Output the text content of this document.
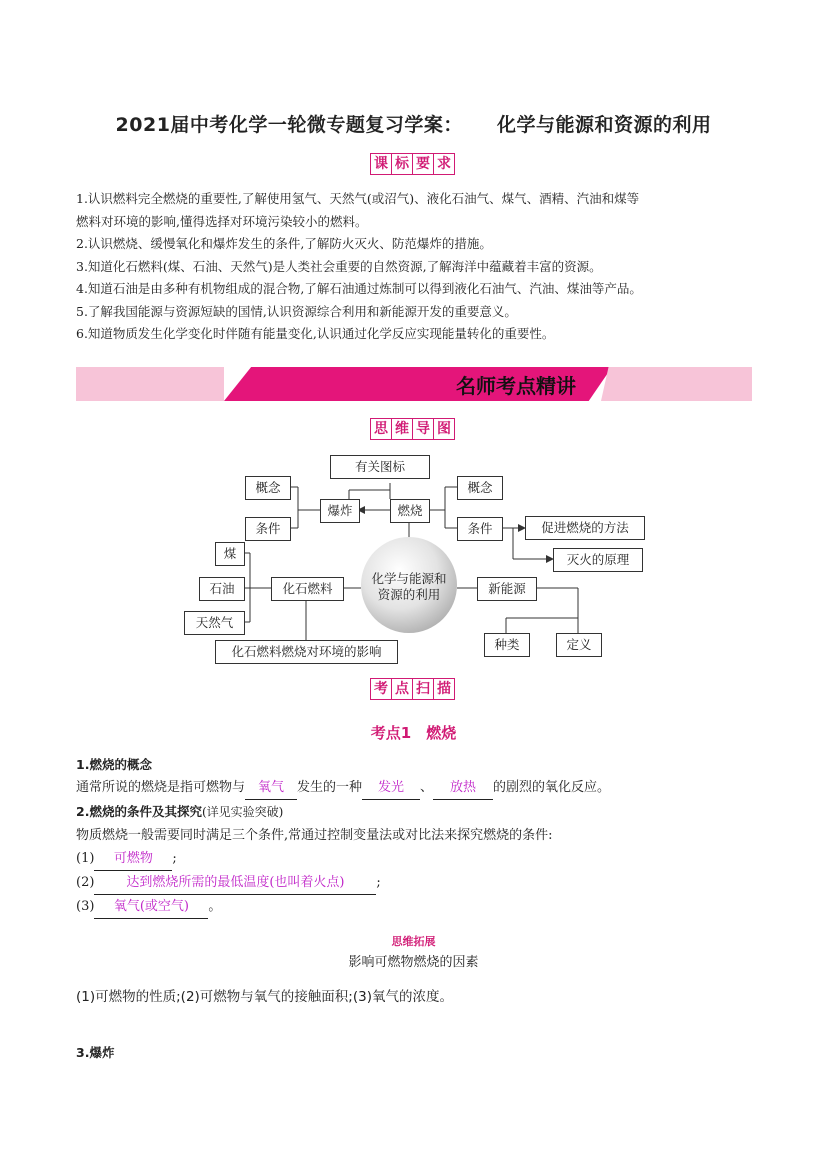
2021届中考化学一轮微专题复习学案： 化学与能源和资源的利用
课 标 要 求
1.认识燃料完全燃烧的重要性,了解使用氢气、天然气(或沼气)、液化石油气、煤气、酒精、汽油和煤等
燃料对环境的影响,懂得选择对环境污染较小的燃料。
2.认识燃烧、缓慢氧化和爆炸发生的条件,了解防火灭火、防范爆炸的措施。
3.知道化石燃料(煤、石油、天然气)是人类社会重要的自然资源,了解海洋中蕴藏着丰富的资源。
4.知道石油是由多种有机物组成的混合物,了解石油通过炼制可以得到液化石油气、汽油、煤油等产品。
5.了解我国能源与资源短缺的国情,认识资源综合利用和新能源开发的重要意义。
6.知道物质发生化学变化时伴随有能量变化,认识通过化学反应实现能量转化的重要性。
名师考点精讲
思 维 导 图
有关图标
概念
爆炸	燃烧
概念
条件	条件	促进燃烧的方法
灭火的原理
煤
石油
天然气
化石燃料	新能源
种类	定义
化石燃料燃烧对环境的影响
化学与能源和
资源的利用
考 点 扫 描
考点1　燃烧
1.燃烧的概念
通常所说的燃烧是指可燃物与 氧气 发生的一种 发光 、 放热 的剧烈的氧化反应。
2.燃烧的条件及其探究(详见实验突破)
物质燃烧一般需要同时满足三个条件,常通过控制变量法或对比法来探究燃烧的条件:
(1) 可燃物 ;
(2) 达到燃烧所需的最低温度(也叫着火点) ;
(3) 氧气(或空气) 。
思维拓展
影响可燃物燃烧的因素
(1)可燃物的性质;(2)可燃物与氧气的接触面积;(3)氧气的浓度。
3.爆炸
